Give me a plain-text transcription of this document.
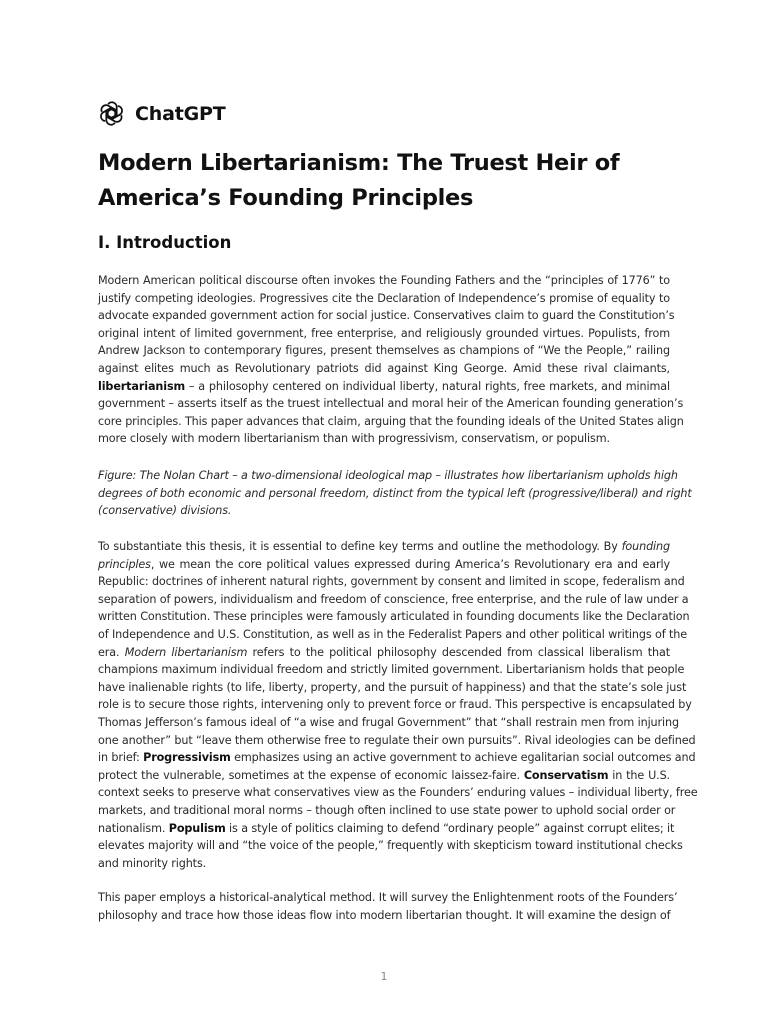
ChatGPT
Modern Libertarianism: The Truest Heir of
America’s Founding Principles
I. Introduction
Modern American political discourse often invokes the Founding Fathers and the “principles of 1776” to
justify competing ideologies. Progressives cite the Declaration of Independence’s promise of equality to
advocate expanded government action for social justice. Conservatives claim to guard the Constitution’s
original intent of limited government, free enterprise, and religiously grounded virtues. Populists, from
Andrew Jackson to contemporary figures, present themselves as champions of “We the People,” railing
against elites much as Revolutionary patriots did against King George. Amid these rival claimants,
libertarianism – a philosophy centered on individual liberty, natural rights, free markets, and minimal
government – asserts itself as the truest intellectual and moral heir of the American founding generation’s
core principles. This paper advances that claim, arguing that the founding ideals of the United States align
more closely with modern libertarianism than with progressivism, conservatism, or populism.
Figure: The Nolan Chart – a two-dimensional ideological map – illustrates how libertarianism upholds high
degrees of both economic and personal freedom, distinct from the typical left (progressive/liberal) and right
(conservative) divisions.
To substantiate this thesis, it is essential to define key terms and outline the methodology. By founding
principles, we mean the core political values expressed during America’s Revolutionary era and early
Republic: doctrines of inherent natural rights, government by consent and limited in scope, federalism and
separation of powers, individualism and freedom of conscience, free enterprise, and the rule of law under a
written Constitution. These principles were famously articulated in founding documents like the Declaration
of Independence and U.S. Constitution, as well as in the Federalist Papers and other political writings of the
era. Modern libertarianism refers to the political philosophy descended from classical liberalism that
champions maximum individual freedom and strictly limited government. Libertarianism holds that people
have inalienable rights (to life, liberty, property, and the pursuit of happiness) and that the state’s sole just
role is to secure those rights, intervening only to prevent force or fraud. This perspective is encapsulated by
Thomas Jefferson’s famous ideal of “a wise and frugal Government” that “shall restrain men from injuring
one another” but “leave them otherwise free to regulate their own pursuits”. Rival ideologies can be defined
in brief: Progressivism emphasizes using an active government to achieve egalitarian social outcomes and
protect the vulnerable, sometimes at the expense of economic laissez-faire. Conservatism in the U.S.
context seeks to preserve what conservatives view as the Founders’ enduring values – individual liberty, free
markets, and traditional moral norms – though often inclined to use state power to uphold social order or
nationalism. Populism is a style of politics claiming to defend “ordinary people” against corrupt elites; it
elevates majority will and “the voice of the people,” frequently with skepticism toward institutional checks
and minority rights.
This paper employs a historical-analytical method. It will survey the Enlightenment roots of the Founders’
philosophy and trace how those ideas flow into modern libertarian thought. It will examine the design of
1
